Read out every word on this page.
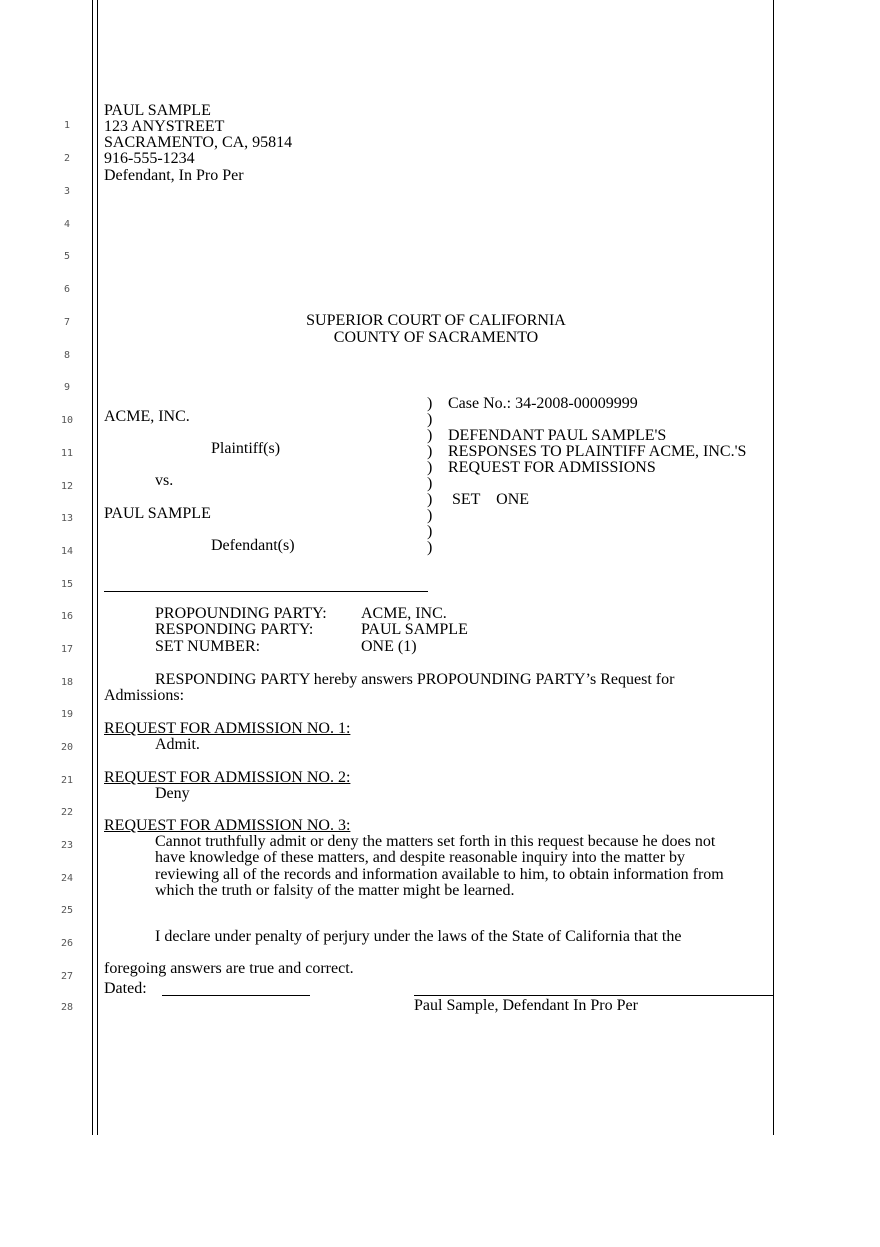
1
2
3
4
5
6
7
8
9
10
11
12
13
14
15
16
17
18
19
20
21
22
23
24
25
26
27
28
PAUL SAMPLE
123 ANYSTREET
SACRAMENTO, CA, 95814
916-555-1234
Defendant, In Pro Per
SUPERIOR COURT OF CALIFORNIA
COUNTY OF SACRAMENTO
ACME, INC.
Plaintiff(s)
vs.
PAUL SAMPLE
Defendant(s)
)
)
)
)
)
)
)
)
)
)
Case No.: 34-2008-00009999
DEFENDANT PAUL SAMPLE'S
RESPONSES TO PLAINTIFF ACME, INC.'S
REQUEST FOR ADMISSIONS
SET    ONE
PROPOUNDING PARTY: ACME, INC.
RESPONDING PARTY:	PAUL SAMPLE
SET NUMBER:	ONE (1)
RESPONDING PARTY hereby answers PROPOUNDING PARTY’s Request for
Admissions:
REQUEST FOR ADMISSION NO. 1:
Admit.
REQUEST FOR ADMISSION NO. 2:
Deny
REQUEST FOR ADMISSION NO. 3:
Cannot truthfully admit or deny the matters set forth in this request because he does not
have knowledge of these matters, and despite reasonable inquiry into the matter by
reviewing all of the records and information available to him, to obtain information from
which the truth or falsity of the matter might be learned.
I declare under penalty of perjury under the laws of the State of California that the
foregoing answers are true and correct.
Dated:
Paul Sample, Defendant In Pro Per
